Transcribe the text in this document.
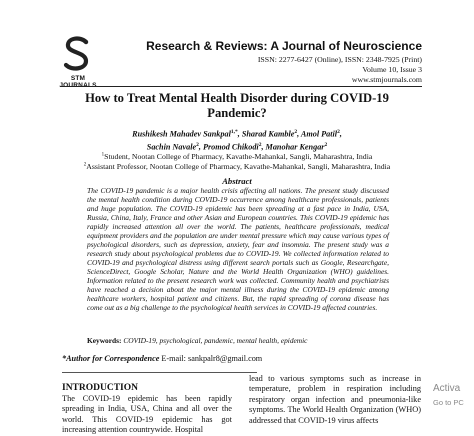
STM JOURNALS
Research & Reviews: A Journal of Neuroscience
ISSN: 2277-6427 (Online), ISSN: 2348-7925 (Print)
Volume 10, Issue 3
www.stmjournals.com
How to Treat Mental Health Disorder during COVID-19
Pandemic?
Rushikesh Mahadev Sankpal$^{1,*}$, Sharad Kamble$^2$, Amol Patil$^2$,
Sachin Navale$^2$, Promod Chikodi$^2$, Manohar Kengar$^2$
$^1$Student, Nootan College of Pharmacy, Kavathe-Mahankal, Sangli, Maharashtra, India
$^2$Assistant Professor, Nootan College of Pharmacy, Kavathe-Mahankal, Sangli, Maharashtra, India
Abstract
The COVID-19 pandemic is a major health crisis affecting all nations. The present study discussed the mental health condition during COVID-19 occurrence among healthcare professionals, patients and huge population. The COVID-19 epidemic has been spreading at a fast pace in India, USA, Russia, China, Italy, France and other Asian and European countries. This COVID-19 epidemic has rapidly increased attention all over the world. The patients, healthcare professionals, medical equipment providers and the population are under mental pressure which may cause various types of psychological disorders, such as depression, anxiety, fear and insomnia. The present study was a research study about psychological problems due to COVID-19. We collected information related to COVID-19 and psychological distress using different search portals such as Google, Researchgate, ScienceDirect, Google Scholar, Nature and the World Health Organization (WHO) guidelines. Information related to the present research work was collected. Community health and psychiatrists have reached a decision about the major mental illness during the COVID-19 epidemic among healthcare workers, hospital patient and citizens. But, the rapid spreading of corona disease has come out as a big challenge to the psychological health services in COVID-19 affected countries.
Keywords: COVID-19, psychological, pandemic, mental health, epidemic
*Author for Correspondence E-mail: sankpalr8@gmail.com
INTRODUCTION
The COVID-19 epidemic has been rapidly spreading in India, USA, China and all over the world. This COVID-19 epidemic has got increasing attention countrywide. Hospital
lead to various symptoms such as increase in temperature, problem in respiration including respiratory organ infection and pneumonia-like symptoms. The World Health Organization (WHO) addressed that COVID-19 virus affects
Activa
Go to PC
